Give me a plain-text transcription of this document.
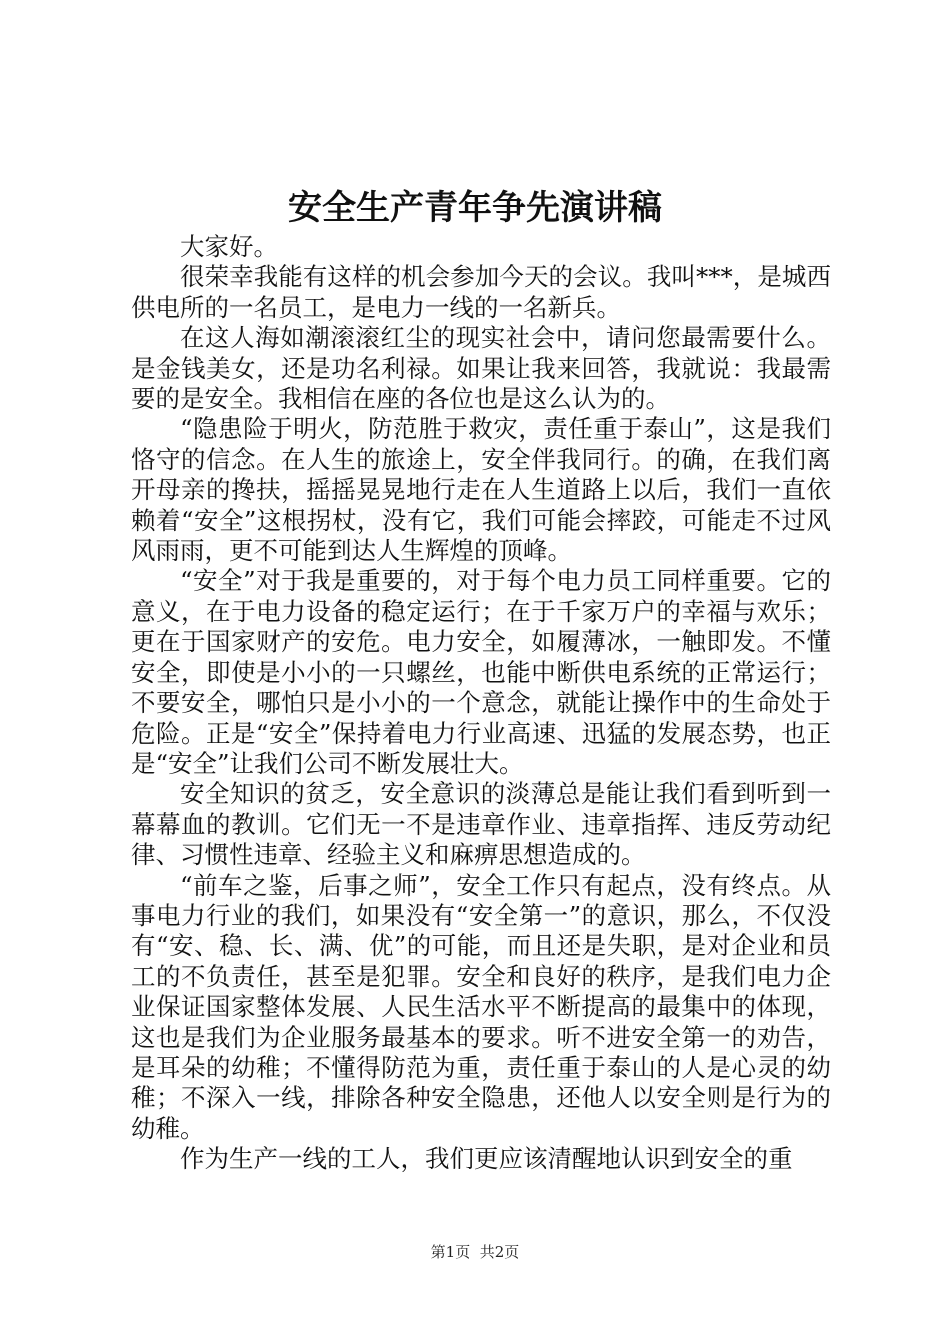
安全生产青年争先演讲稿

大家好。

很荣幸我能有这样的机会参加今天的会议。我叫***，是城西供电所的一名员工，是电力一线的一名新兵。

在这人海如潮滚滚红尘的现实社会中，请问您最需要什么。是金钱美女，还是功名利禄。如果让我来回答，我就说：我最需要的是安全。我相信在座的各位也是这么认为的。

“隐患险于明火，防范胜于救灾，责任重于泰山”，这是我们恪守的信念。在人生的旅途上，安全伴我同行。的确，在我们离开母亲的搀扶，摇摇晃晃地行走在人生道路上以后，我们一直依赖着“安全”这根拐杖，没有它，我们可能会摔跤，可能走不过风风雨雨，更不可能到达人生辉煌的顶峰。

“安全”对于我是重要的，对于每个电力员工同样重要。它的意义，在于电力设备的稳定运行；在于千家万户的幸福与欢乐；更在于国家财产的安危。电力安全，如履薄冰，一触即发。不懂安全，即使是小小的一只螺丝，也能中断供电系统的正常运行；不要安全，哪怕只是小小的一个意念，就能让操作中的生命处于危险。正是“安全”保持着电力行业高速、迅猛的发展态势，也正是“安全”让我们公司不断发展壮大。

安全知识的贫乏，安全意识的淡薄总是能让我们看到听到一幕幕血的教训。它们无一不是违章作业、违章指挥、违反劳动纪律、习惯性违章、经验主义和麻痹思想造成的。

“前车之鉴，后事之师”，安全工作只有起点，没有终点。从事电力行业的我们，如果没有“安全第一”的意识，那么，不仅没有“安、稳、长、满、优”的可能，而且还是失职，是对企业和员工的不负责任，甚至是犯罪。安全和良好的秩序，是我们电力企业保证国家整体发展、人民生活水平不断提高的最集中的体现，这也是我们为企业服务最基本的要求。听不进安全第一的劝告，是耳朵的幼稚；不懂得防范为重，责任重于泰山的人是心灵的幼稚；不深入一线，排除各种安全隐患，还他人以安全则是行为的幼稚。

作为生产一线的工人，我们更应该清醒地认识到安全的重

第1页 共2页
